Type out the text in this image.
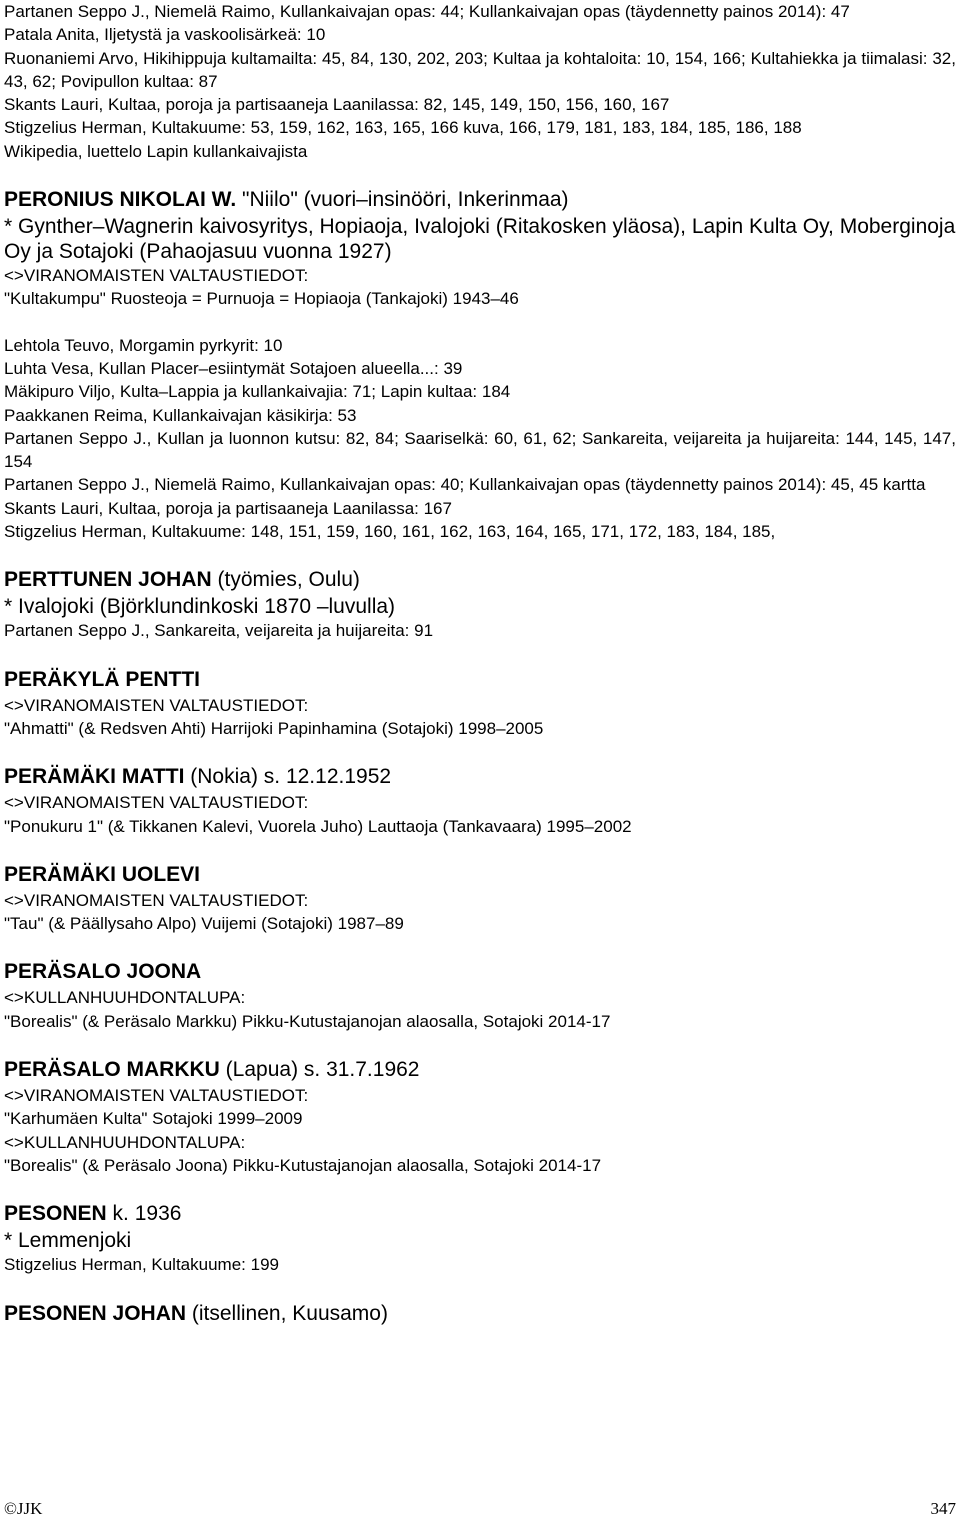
Partanen Seppo J., Niemelä Raimo, Kullankaivajan opas: 44; Kullankaivajan opas (täydennetty painos 2014): 47
Patala Anita, Iljetystä ja vaskoolisärkeä: 10
Ruonaniemi Arvo, Hikihippuja kultamailta: 45, 84, 130, 202, 203; Kultaa ja kohtaloita: 10, 154, 166; Kultahiekka ja tiimalasi: 32, 43, 62; Povipullon kultaa: 87
Skants Lauri, Kultaa, poroja ja partisaaneja Laanilassa: 82, 145, 149, 150, 156, 160, 167
Stigzelius Herman, Kultakuume: 53, 159, 162, 163, 165, 166 kuva, 166, 179, 181, 183, 184, 185, 186, 188
Wikipedia, luettelo Lapin kullankaivajista
PERONIUS NIKOLAI W. "Niilo" (vuori–insinööri, Inkerinmaa)
* Gynther–Wagnerin kaivosyritys, Hopiaoja, Ivalojoki (Ritakosken yläosa), Lapin Kulta Oy, Moberginoja Oy ja Sotajoki (Pahaojasuu vuonna 1927)
<>VIRANOMAISTEN VALTAUSTIEDOT:
"Kultakumpu" Ruosteoja = Purnuoja = Hopiaoja (Tankajoki) 1943–46
Lehtola Teuvo, Morgamin pyrkyrit: 10
Luhta Vesa, Kullan Placer–esiintymät Sotajoen alueella...: 39
Mäkipuro Viljo, Kulta–Lappia ja kullankaivajia: 71; Lapin kultaa: 184
Paakkanen Reima, Kullankaivajan käsikirja: 53
Partanen Seppo J., Kullan ja luonnon kutsu: 82, 84; Saariselkä: 60, 61, 62; Sankareita, veijareita ja huijareita: 144, 145, 147, 154
Partanen Seppo J., Niemelä Raimo, Kullankaivajan opas: 40; Kullankaivajan opas (täydennetty painos 2014): 45, 45 kartta
Skants Lauri, Kultaa, poroja ja partisaaneja Laanilassa: 167
Stigzelius Herman, Kultakuume: 148, 151, 159, 160, 161, 162, 163, 164, 165, 171, 172, 183, 184, 185,
PERTTUNEN JOHAN (työmies, Oulu)
* Ivalojoki (Björklundinkoski 1870 –luvulla)
Partanen Seppo J., Sankareita, veijareita ja huijareita: 91
PERÄKYLÄ PENTTI
<>VIRANOMAISTEN VALTAUSTIEDOT:
"Ahmatti" (& Redsven Ahti) Harrijoki Papinhamina (Sotajoki) 1998–2005
PERÄMÄKI MATTI (Nokia) s. 12.12.1952
<>VIRANOMAISTEN VALTAUSTIEDOT:
"Ponukuru 1" (& Tikkanen Kalevi, Vuorela Juho) Lauttaoja (Tankavaara) 1995–2002
PERÄMÄKI UOLEVI
<>VIRANOMAISTEN VALTAUSTIEDOT:
"Tau" (& Päällysaho Alpo) Vuijemi (Sotajoki) 1987–89
PERÄSALO JOONA
<>KULLANHUUHDONTALUPA:
"Borealis" (& Peräsalo Markku) Pikku-Kutustajanojan alaosalla, Sotajoki 2014-17
PERÄSALO MARKKU (Lapua) s. 31.7.1962
<>VIRANOMAISTEN VALTAUSTIEDOT:
"Karhumäen Kulta" Sotajoki 1999–2009
<>KULLANHUUHDONTALUPA:
"Borealis" (& Peräsalo Joona) Pikku-Kutustajanojan alaosalla, Sotajoki 2014-17
PESONEN k. 1936
* Lemmenjoki
Stigzelius Herman, Kultakuume: 199
PESONEN JOHAN (itsellinen, Kuusamo)
©JJK	347
